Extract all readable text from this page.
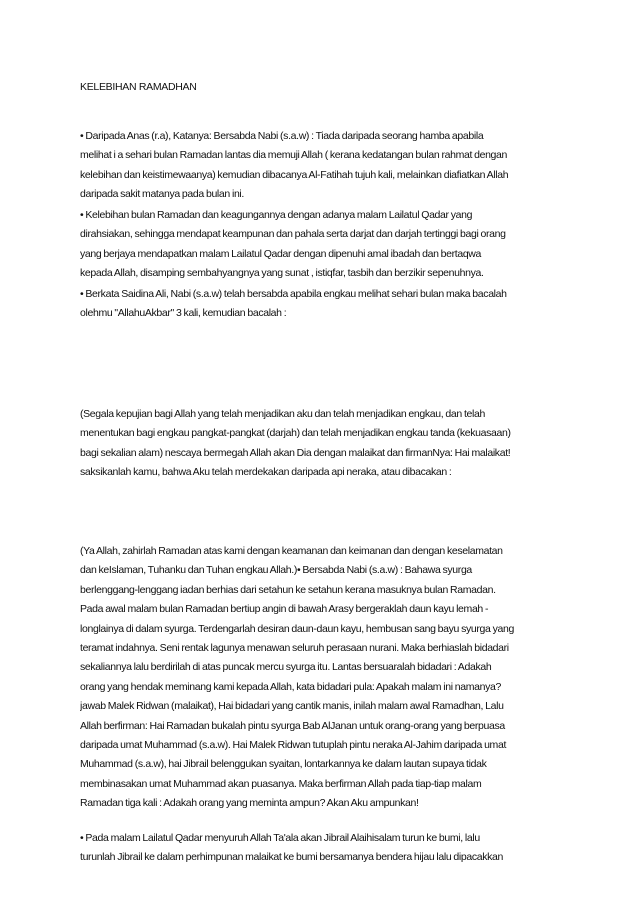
KELEBIHAN RAMADHAN
• Daripada Anas (r.a), Katanya: Bersabda Nabi (s.a.w) : Tiada daripada seorang hamba apabila
melihat i a sehari bulan Ramadan lantas dia memuji Allah ( kerana kedatangan bulan rahmat dengan
kelebihan dan keistimewaanya) kemudian dibacanya Al-Fatihah tujuh kali, melainkan diafiatkan Allah
daripada sakit matanya pada bulan ini.
• Kelebihan bulan Ramadan dan keagungannya dengan adanya malam Lailatul Qadar yang
dirahsiakan, sehingga mendapat keampunan dan pahala serta darjat dan darjah tertinggi bagi orang
yang berjaya mendapatkan malam Lailatul Qadar dengan dipenuhi amal ibadah dan bertaqwa
kepada Allah, disamping sembahyangnya yang sunat , istiqfar, tasbih dan berzikir sepenuhnya.
• Berkata Saidina Ali, Nabi (s.a.w) telah bersabda apabila engkau melihat sehari bulan maka bacalah
olehmu "AllahuAkbar" 3 kali, kemudian bacalah :
(Segala kepujian bagi Allah yang telah menjadikan aku dan telah menjadikan engkau, dan telah
menentukan bagi engkau pangkat-pangkat (darjah) dan telah menjadikan engkau tanda (kekuasaan)
bagi sekalian alam) nescaya bermegah Allah akan Dia dengan malaikat dan firmanNya: Hai malaikat!
saksikanlah kamu, bahwa Aku telah merdekakan daripada api neraka, atau dibacakan :
(Ya Allah, zahirlah Ramadan atas kami dengan keamanan dan keimanan dan dengan keselamatan
dan keIslaman, Tuhanku dan Tuhan engkau Allah.)• Bersabda Nabi (s.a.w) : Bahawa syurga
berlenggang-lenggang iadan berhias dari setahun ke setahun kerana masuknya bulan Ramadan.
Pada awal malam bulan Ramadan bertiup angin di bawah Arasy bergeraklah daun kayu lemah -
longlainya di dalam syurga. Terdengarlah desiran daun-daun kayu, hembusan sang bayu syurga yang
teramat indahnya. Seni rentak lagunya menawan seluruh perasaan nurani. Maka berhiaslah bidadari
sekaliannya lalu berdirilah di atas puncak mercu syurga itu. Lantas bersuaralah bidadari : Adakah
orang yang hendak meminang kami kepada Allah, kata bidadari pula: Apakah malam ini namanya?
jawab Malek Ridwan (malaikat), Hai bidadari yang cantik manis, inilah malam awal Ramadhan, Lalu
Allah berfirman: Hai Ramadan bukalah pintu syurga Bab AlJanan untuk orang-orang yang berpuasa
daripada umat Muhammad (s.a.w). Hai Malek Ridwan tutuplah pintu neraka Al-Jahim daripada umat
Muhammad (s.a.w), hai Jibrail belenggukan syaitan, lontarkannya ke dalam lautan supaya tidak
membinasakan umat Muhammad akan puasanya. Maka berfirman Allah pada tiap-tiap malam
Ramadan tiga kali : Adakah orang yang meminta ampun? Akan Aku ampunkan!
• Pada malam Lailatul Qadar menyuruh Allah Ta'ala akan Jibrail Alaihisalam turun ke bumi, lalu
turunlah Jibrail ke dalam perhimpunan malaikat ke bumi bersamanya bendera hijau lalu dipacakkan
